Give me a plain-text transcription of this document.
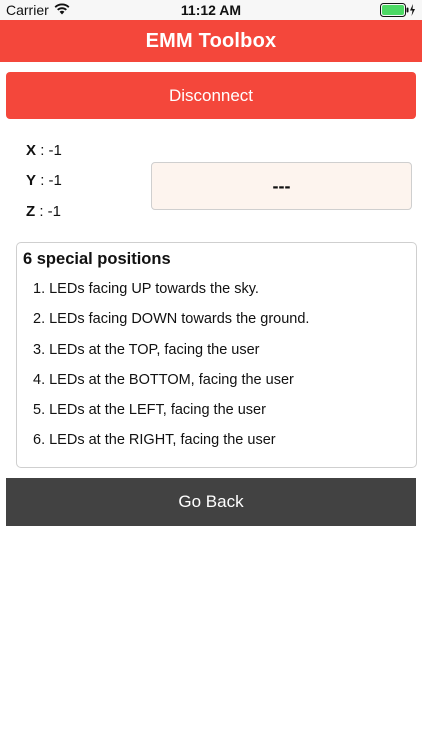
Carrier	11:12 AM
EMM Toolbox
Disconnect
X : -1
Y : -1
Z : -1
---
6 special positions
1. LEDs facing UP towards the sky.
2. LEDs facing DOWN towards the ground.
3. LEDs at the TOP, facing the user
4. LEDs at the BOTTOM, facing the user
5. LEDs at the LEFT, facing the user
6. LEDs at the RIGHT, facing the user
Go Back
